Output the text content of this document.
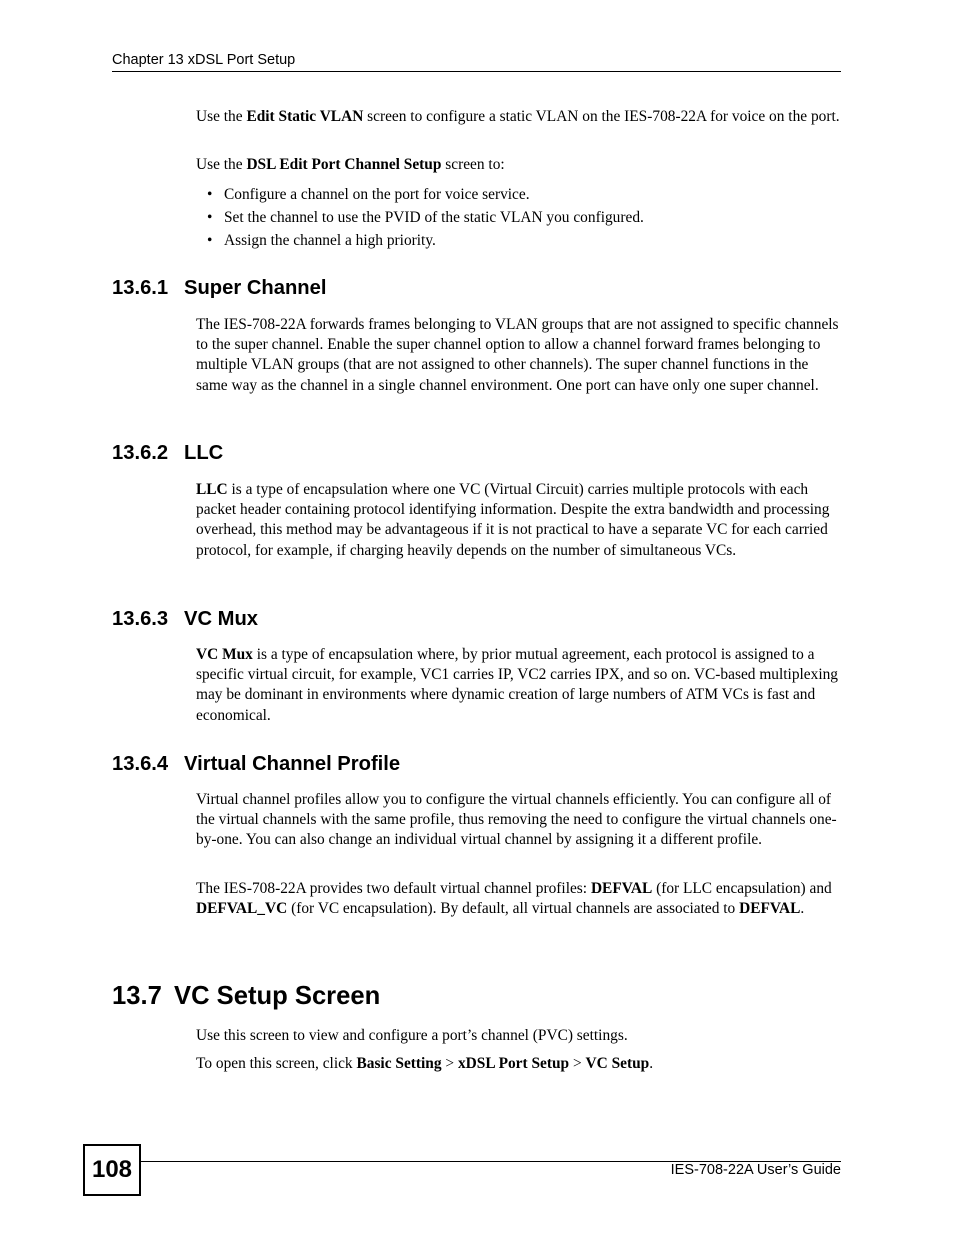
Chapter 13 xDSL Port Setup

Use the Edit Static VLAN screen to configure a static VLAN on the IES-708-22A for voice on the port.

Use the DSL Edit Port Channel Setup screen to:

• Configure a channel on the port for voice service.
• Set the channel to use the PVID of the static VLAN you configured.
• Assign the channel a high priority.
13.6.1 Super Channel

The IES-708-22A forwards frames belonging to VLAN groups that are not assigned to specific channels to the super channel. Enable the super channel option to allow a channel forward frames belonging to multiple VLAN groups (that are not assigned to other channels). The super channel functions in the same way as the channel in a single channel environment. One port can have only one super channel.

13.6.2 LLC

LLC is a type of encapsulation where one VC (Virtual Circuit) carries multiple protocols with each packet header containing protocol identifying information. Despite the extra bandwidth and processing overhead, this method may be advantageous if it is not practical to have a separate VC for each carried protocol, for example, if charging heavily depends on the number of simultaneous VCs.

13.6.3 VC Mux

VC Mux is a type of encapsulation where, by prior mutual agreement, each protocol is assigned to a specific virtual circuit, for example, VC1 carries IP, VC2 carries IPX, and so on. VC-based multiplexing may be dominant in environments where dynamic creation of large numbers of ATM VCs is fast and economical.

13.6.4 Virtual Channel Profile

Virtual channel profiles allow you to configure the virtual channels efficiently. You can configure all of the virtual channels with the same profile, thus removing the need to configure the virtual channels one-by-one. You can also change an individual virtual channel by assigning it a different profile.

The IES-708-22A provides two default virtual channel profiles: DEFVAL (for LLC encapsulation) and DEFVAL_VC (for VC encapsulation). By default, all virtual channels are associated to DEFVAL.

13.7 VC Setup Screen

Use this screen to view and configure a port’s channel (PVC) settings.

To open this screen, click Basic Setting > xDSL Port Setup > VC Setup.

108	IES-708-22A User’s Guide
